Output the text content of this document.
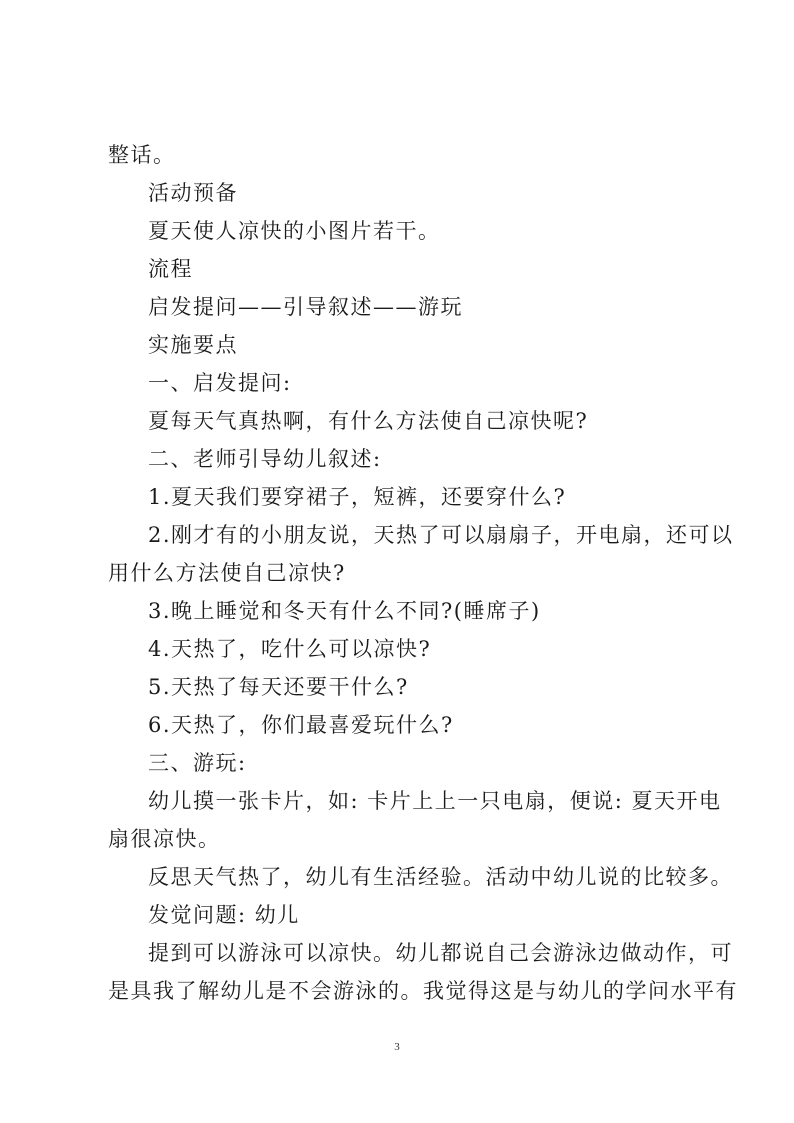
整话。
活动预备
夏天使人凉快的小图片若干。
流程
启发提问——引导叙述——游玩
实施要点
一、启发提问:
夏每天气真热啊，有什么方法使自己凉快呢?
二、老师引导幼儿叙述:
1.夏天我们要穿裙子，短裤，还要穿什么?
2.刚才有的小朋友说，天热了可以扇扇子，开电扇，还可以
用什么方法使自己凉快?
3.晚上睡觉和冬天有什么不同?(睡席子)
4.天热了，吃什么可以凉快?
5.天热了每天还要干什么?
6.天热了，你们最喜爱玩什么?
三、游玩:
幼儿摸一张卡片，如: 卡片上上一只电扇，便说: 夏天开电
扇很凉快。
反思天气热了，幼儿有生活经验。活动中幼儿说的比较多。
发觉问题: 幼儿
提到可以游泳可以凉快。幼儿都说自己会游泳边做动作，可
是具我了解幼儿是不会游泳的。我觉得这是与幼儿的学问水平有
3
